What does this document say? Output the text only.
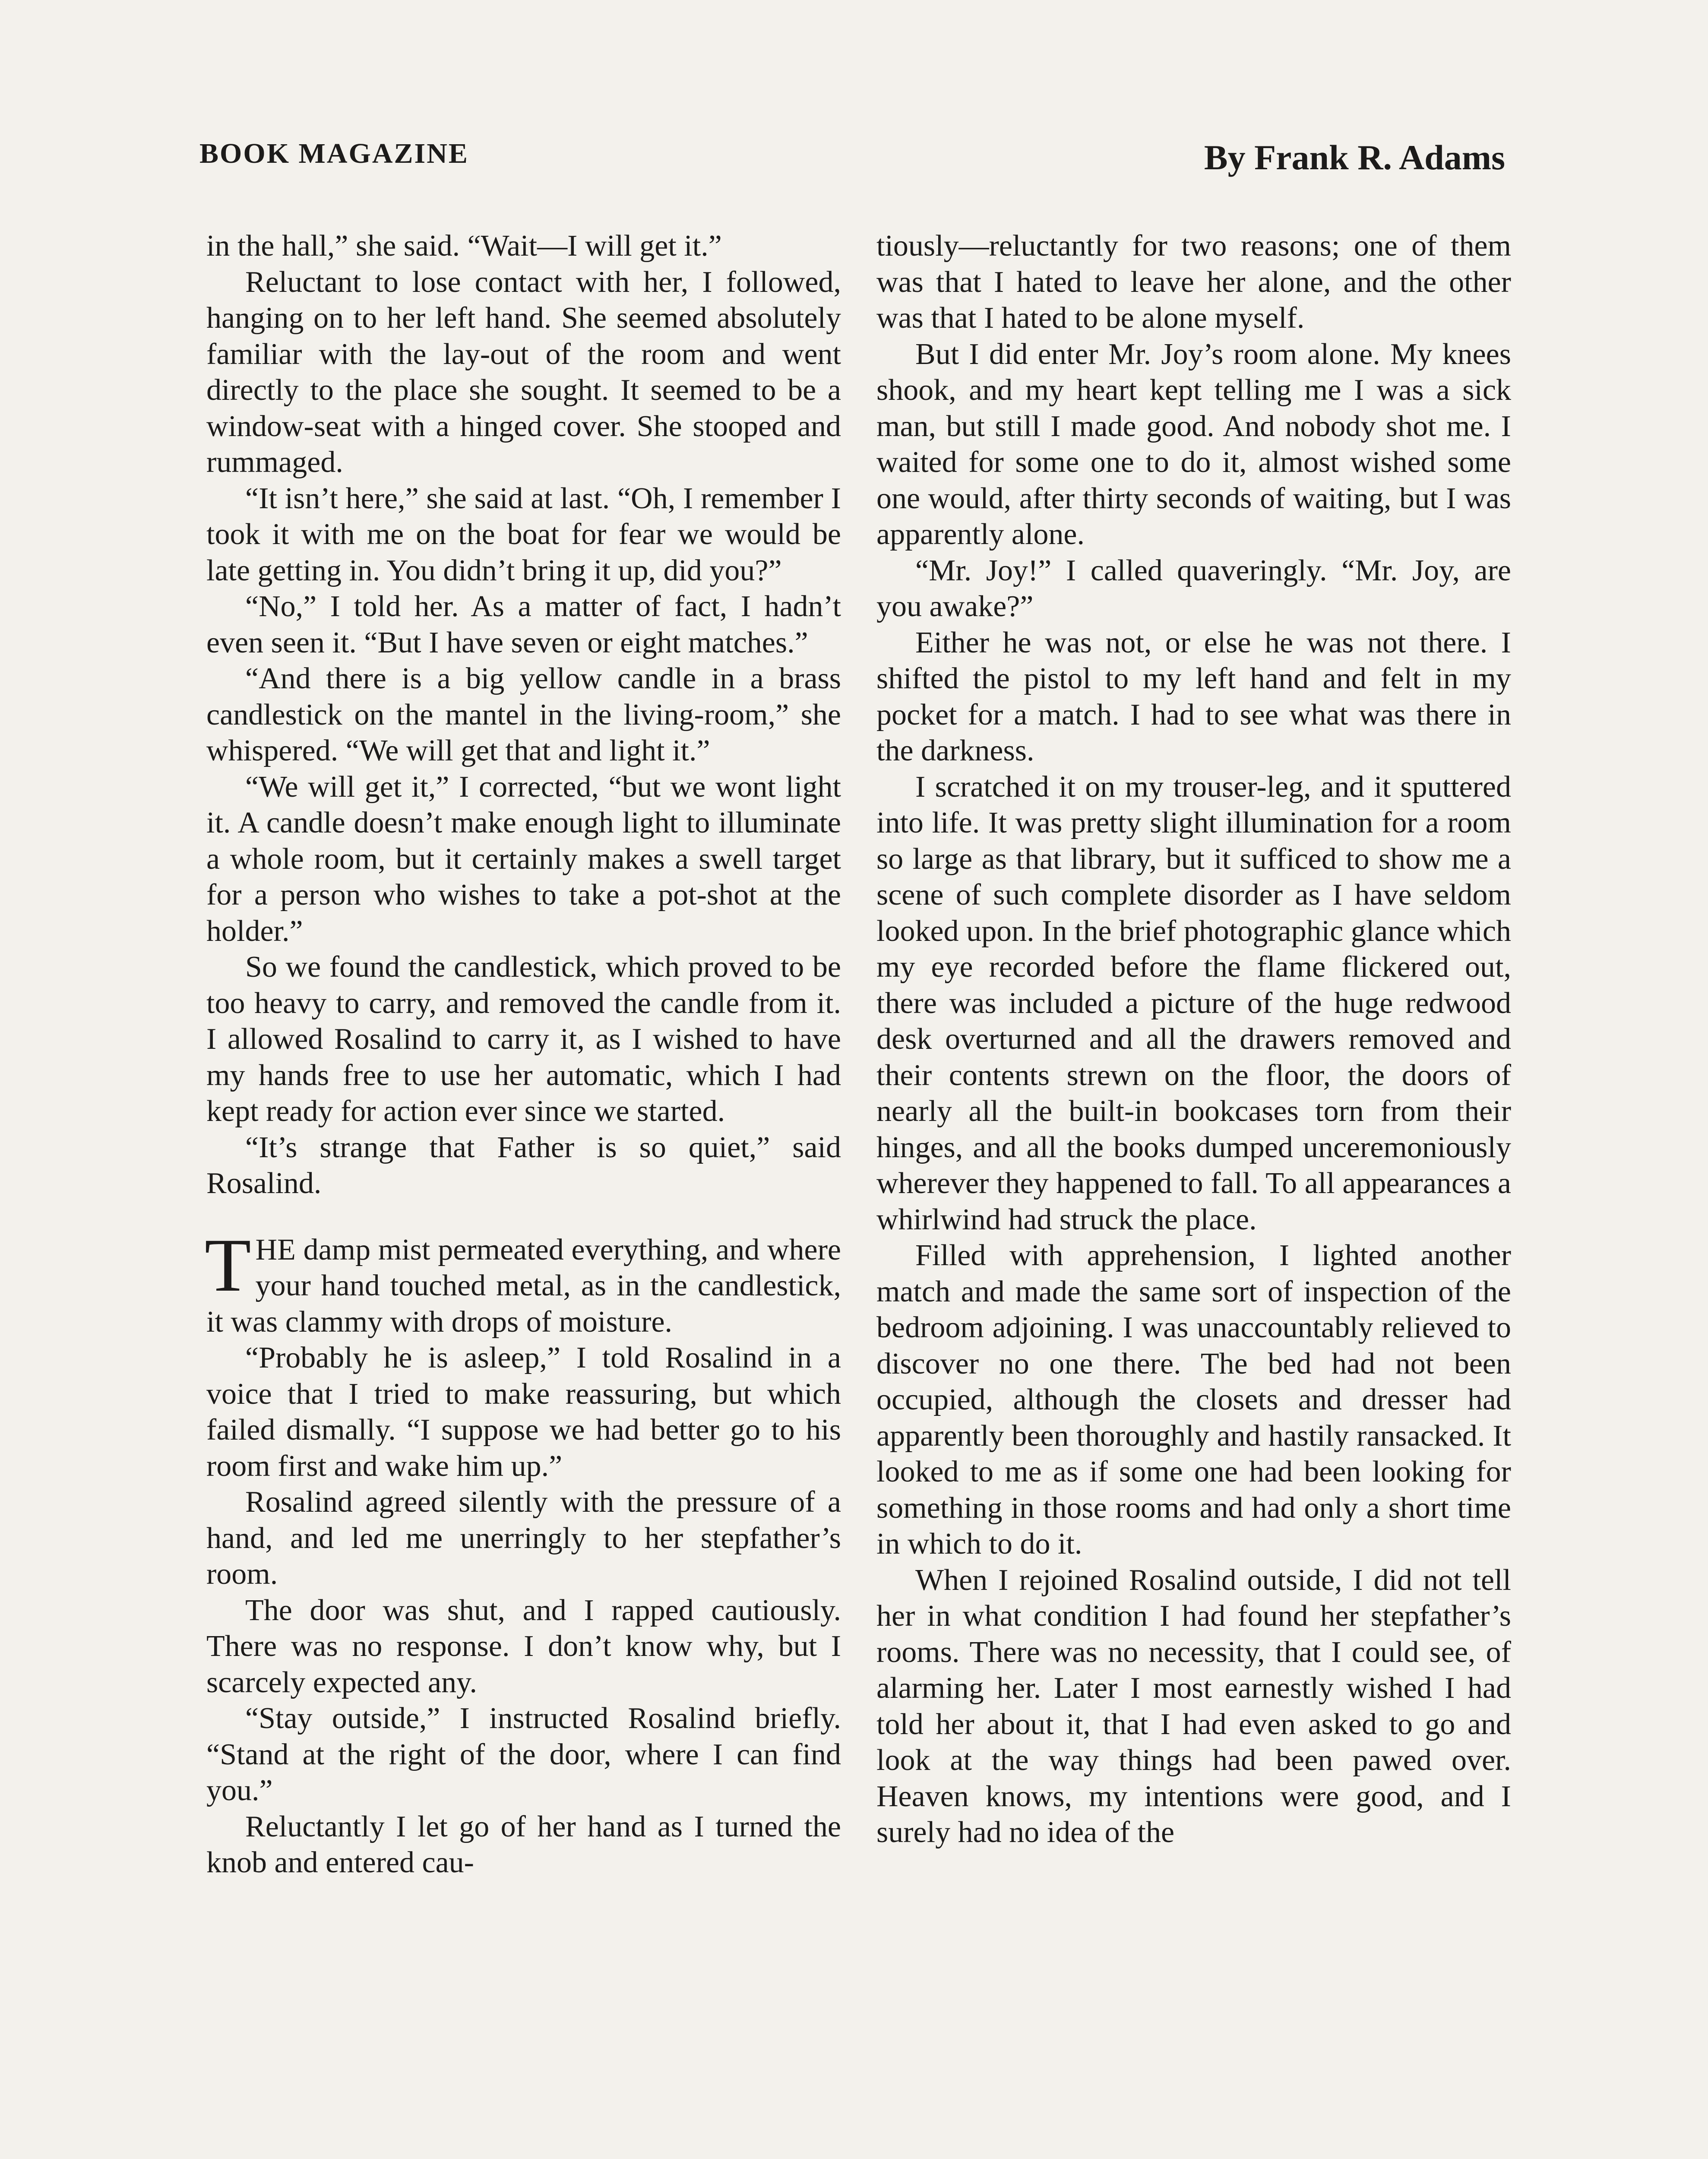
BOOK MAGAZINE	By Frank R. Adams

in the hall,” she said. “Wait—I will get it.”

Reluctant to lose contact with her, I followed, hanging on to her left hand. She seemed absolutely familiar with the lay-out of the room and went directly to the place she sought. It seemed to be a window-seat with a hinged cover. She stooped and rummaged.

“It isn’t here,” she said at last. “Oh, I remember I took it with me on the boat for fear we would be late getting in. You didn’t bring it up, did you?”

“No,” I told her. As a matter of fact, I hadn’t even seen it. “But I have seven or eight matches.”

“And there is a big yellow candle in a brass candlestick on the mantel in the living-room,” she whispered. “We will get that and light it.”

“We will get it,” I corrected, “but we wont light it. A candle doesn’t make enough light to illuminate a whole room, but it certainly makes a swell target for a person who wishes to take a pot-shot at the holder.”

So we found the candlestick, which proved to be too heavy to carry, and removed the candle from it. I allowed Rosalind to carry it, as I wished to have my hands free to use her automatic, which I had kept ready for action ever since we started.

“It’s strange that Father is so quiet,” said Rosalind.

THE damp mist permeated everything, and where your hand touched metal, as in the candlestick, it was clammy with drops of moisture.

“Probably he is asleep,” I told Rosalind in a voice that I tried to make reassuring, but which failed dismally. “I suppose we had better go to his room first and wake him up.”

Rosalind agreed silently with the pressure of a hand, and led me unerringly to her stepfather’s room.

The door was shut, and I rapped cautiously. There was no response. I don’t know why, but I scarcely expected any.

“Stay outside,” I instructed Rosalind briefly. “Stand at the right of the door, where I can find you.”

Reluctantly I let go of her hand as I turned the knob and entered cau-

tiously—reluctantly for two reasons; one of them was that I hated to leave her alone, and the other was that I hated to be alone myself.

But I did enter Mr. Joy’s room alone. My knees shook, and my heart kept telling me I was a sick man, but still I made good. And nobody shot me. I waited for some one to do it, almost wished some one would, after thirty seconds of waiting, but I was apparently alone.

“Mr. Joy!” I called quaveringly. “Mr. Joy, are you awake?”

Either he was not, or else he was not there. I shifted the pistol to my left hand and felt in my pocket for a match. I had to see what was there in the darkness.

I scratched it on my trouser-leg, and it sputtered into life. It was pretty slight illumination for a room so large as that library, but it sufficed to show me a scene of such complete disorder as I have seldom looked upon. In the brief photographic glance which my eye recorded before the flame flickered out, there was included a picture of the huge redwood desk overturned and all the drawers removed and their contents strewn on the floor, the doors of nearly all the built-in bookcases torn from their hinges, and all the books dumped unceremoniously wherever they happened to fall. To all appearances a whirlwind had struck the place.

Filled with apprehension, I lighted another match and made the same sort of inspection of the bedroom adjoining. I was unaccountably relieved to discover no one there. The bed had not been occupied, although the closets and dresser had apparently been thoroughly and hastily ransacked. It looked to me as if some one had been looking for something in those rooms and had only a short time in which to do it.

When I rejoined Rosalind outside, I did not tell her in what condition I had found her stepfather’s rooms. There was no necessity, that I could see, of alarming her. Later I most earnestly wished I had told her about it, that I had even asked to go and look at the way things had been pawed over. Heaven knows, my intentions were good, and I surely had no idea of the
